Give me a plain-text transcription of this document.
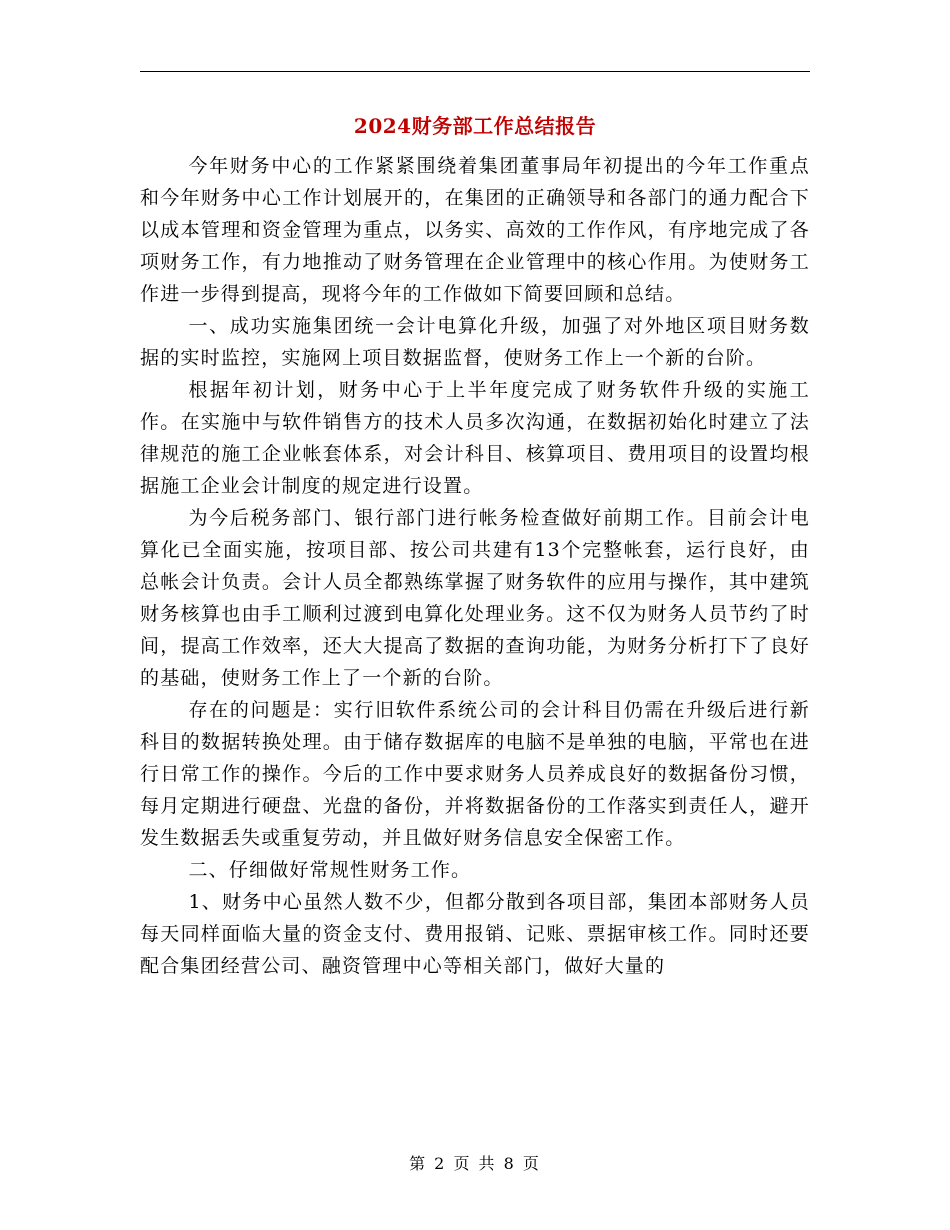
2024财务部工作总结报告

今年财务中心的工作紧紧围绕着集团董事局年初提出的今年工作重点和今年财务中心工作计划展开的，在集团的正确领导和各部门的通力配合下以成本管理和资金管理为重点，以务实、高效的工作作风，有序地完成了各项财务工作，有力地推动了财务管理在企业管理中的核心作用。为使财务工作进一步得到提高，现将今年的工作做如下简要回顾和总结。

一、成功实施集团统一会计电算化升级，加强了对外地区项目财务数据的实时监控，实施网上项目数据监督，使财务工作上一个新的台阶。

根据年初计划，财务中心于上半年度完成了财务软件升级的实施工作。在实施中与软件销售方的技术人员多次沟通，在数据初始化时建立了法律规范的施工企业帐套体系，对会计科目、核算项目、费用项目的设置均根据施工企业会计制度的规定进行设置。

为今后税务部门、银行部门进行帐务检查做好前期工作。目前会计电算化已全面实施，按项目部、按公司共建有13个完整帐套，运行良好，由总帐会计负责。会计人员全都熟练掌握了财务软件的应用与操作，其中建筑财务核算也由手工顺利过渡到电算化处理业务。这不仅为财务人员节约了时间，提高工作效率，还大大提高了数据的查询功能，为财务分析打下了良好的基础，使财务工作上了一个新的台阶。

存在的问题是：实行旧软件系统公司的会计科目仍需在升级后进行新科目的数据转换处理。由于储存数据库的电脑不是单独的电脑，平常也在进行日常工作的操作。今后的工作中要求财务人员养成良好的数据备份习惯，每月定期进行硬盘、光盘的备份，并将数据备份的工作落实到责任人，避开发生数据丢失或重复劳动，并且做好财务信息安全保密工作。

二、仔细做好常规性财务工作。

1、财务中心虽然人数不少，但都分散到各项目部，集团本部财务人员每天同样面临大量的资金支付、费用报销、记账、票据审核工作。同时还要配合集团经营公司、融资管理中心等相关部门，做好大量的

第 2 页 共 8 页
